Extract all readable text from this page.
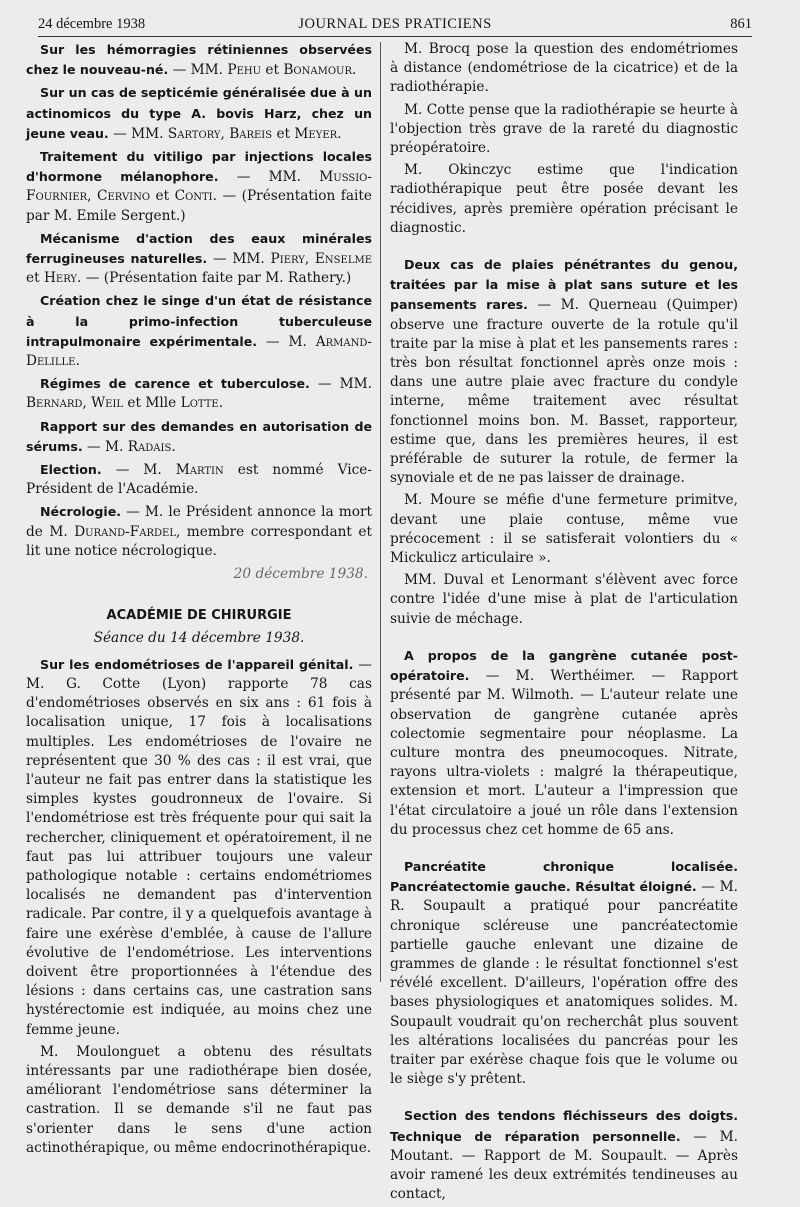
24 décembre 1938	JOURNAL DES PRATICIENS	861

Sur les hémorragies rétiniennes observées chez le nouveau-né. — MM. Pehu et Bonamour.

Sur un cas de septicémie généralisée due à un actinomicos du type A. bovis Harz, chez un jeune veau. — MM. Sartory, Bareis et Meyer.

Traitement du vitiligo par injections locales d'hormone mélanophore. — MM. Mussio-Fournier, Cervino et Conti. — (Présentation faite par M. Emile Sergent.)

Mécanisme d'action des eaux minérales ferrugineuses naturelles. — MM. Piery, Enselme et Hery. — (Présentation faite par M. Rathery.)

Création chez le singe d'un état de résistance à la primo-infection tuberculeuse intrapulmonaire expérimentale. — M. Armand-Delille.

Régimes de carence et tuberculose. — MM. Bernard, Weil et Mlle Lotte.

Rapport sur des demandes en autorisation de sérums. — M. Radais.

Election. — M. Martin est nommé Vice-Président de l'Académie.

Nécrologie. — M. le Président annonce la mort de M. Durand-Fardel, membre correspondant et lit une notice nécrologique.

20 décembre 1938.
ACADÉMIE DE CHIRURGIE
Séance du 14 décembre 1938.

Sur les endométrioses de l'appareil génital. — M. G. Cotte (Lyon) rapporte 78 cas d'endométrioses observés en six ans : 61 fois à localisation unique, 17 fois à localisations multiples. Les endométrioses de l'ovaire ne représentent que 30 % des cas : il est vrai, que l'auteur ne fait pas entrer dans la statistique les simples kystes goudronneux de l'ovaire. Si l'endométriose est très fréquente pour qui sait la rechercher, cliniquement et opératoirement, il ne faut pas lui attribuer toujours une valeur pathologique notable : certains endométriomes localisés ne demandent pas d'intervention radicale. Par contre, il y a quelquefois avantage à faire une exérèse d'emblée, à cause de l'allure évolutive de l'endométriose. Les interventions doivent être proportionnées à l'étendue des lésions : dans certains cas, une castration sans hystérectomie est indiquée, au moins chez une femme jeune.

M. Moulonguet a obtenu des résultats intéressants par une radiothérape bien dosée, améliorant l'endométriose sans déterminer la castration. Il se demande s'il ne faut pas s'orienter dans le sens d'une action actinothérapique, ou même endocrinothérapique.

M. Brocq pose la question des endométriomes à distance (endométriose de la cicatrice) et de la radiothérapie.

M. Cotte pense que la radiothérapie se heurte à l'objection très grave de la rareté du diagnostic préopératoire.

M. Okinczyc estime que l'indication radiothérapique peut être posée devant les récidives, après première opération précisant le diagnostic.

Deux cas de plaies pénétrantes du genou, traitées par la mise à plat sans suture et les pansements rares. — M. Querneau (Quimper) observe une fracture ouverte de la rotule qu'il traite par la mise à plat et les pansements rares : très bon résultat fonctionnel après onze mois : dans une autre plaie avec fracture du condyle interne, même traitement avec résultat fonctionnel moins bon. M. Basset, rapporteur, estime que, dans les premières heures, il est préférable de suturer la rotule, de fermer la synoviale et de ne pas laisser de drainage.

M. Moure se méfie d'une fermeture primitve, devant une plaie contuse, même vue précocement : il se satisferait volontiers du « Mickulicz articulaire ».

MM. Duval et Lenormant s'élèvent avec force contre l'idée d'une mise à plat de l'articulation suivie de méchage.

A propos de la gangrène cutanée post-opératoire. — M. Werthéimer. — Rapport présenté par M. Wilmoth. — L'auteur relate une observation de gangrène cutanée après colectomie segmentaire pour néoplasme. La culture montra des pneumocoques. Nitrate, rayons ultra-violets : malgré la thérapeutique, extension et mort. L'auteur a l'impression que l'état circulatoire a joué un rôle dans l'extension du processus chez cet homme de 65 ans.

Pancréatite chronique localisée. Pancréatectomie gauche. Résultat éloigné. — M. R. Soupault a pratiqué pour pancréatite chronique scléreuse une pancréatectomie partielle gauche enlevant une dizaine de grammes de glande : le résultat fonctionnel s'est révélé excellent. D'ailleurs, l'opération offre des bases physiologiques et anatomiques solides. M. Soupault voudrait qu'on recherchât plus souvent les altérations localisées du pancréas pour les traiter par exérèse chaque fois que le volume ou le siège s'y prêtent.

Section des tendons fléchisseurs des doigts. Technique de réparation personnelle. — M. Moutant. — Rapport de M. Soupault. — Après avoir ramené les deux extrémités tendineuses au contact,
